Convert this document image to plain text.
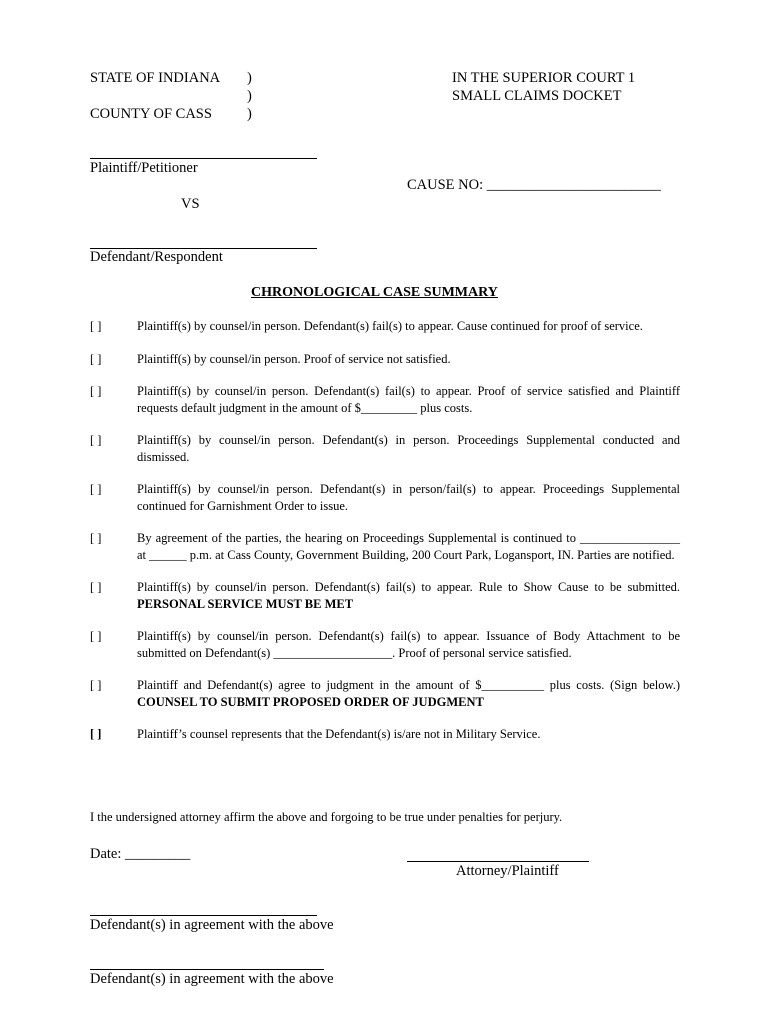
STATE OF INDIANA )
)
COUNTY OF CASS )
IN THE SUPERIOR COURT 1
SMALL CLAIMS DOCKET
Plaintiff/Petitioner
CAUSE NO: ________________________
VS
Defendant/Respondent
CHRONOLOGICAL CASE SUMMARY
[ ]	Plaintiff(s) by counsel/in person. Defendant(s) fail(s) to appear. Cause continued for proof of service.
[ ]	Plaintiff(s) by counsel/in person. Proof of service not satisfied.
[ ]	Plaintiff(s) by counsel/in person. Defendant(s) fail(s) to appear. Proof of service satisfied and Plaintiff requests default judgment in the amount of $_________ plus costs.
[ ]	Plaintiff(s) by counsel/in person. Defendant(s) in person. Proceedings Supplemental conducted and dismissed.
[ ]	Plaintiff(s) by counsel/in person. Defendant(s) in person/fail(s) to appear. Proceedings Supplemental continued for Garnishment Order to issue.
[ ]	By agreement of the parties, the hearing on Proceedings Supplemental is continued to ________________ at ______ p.m. at Cass County, Government Building, 200 Court Park, Logansport, IN. Parties are notified.
[ ]	Plaintiff(s) by counsel/in person. Defendant(s) fail(s) to appear. Rule to Show Cause to be submitted. PERSONAL SERVICE MUST BE MET
[ ]	Plaintiff(s) by counsel/in person. Defendant(s) fail(s) to appear. Issuance of Body Attachment to be submitted on Defendant(s) ___________________. Proof of personal service satisfied.
[ ]	Plaintiff and Defendant(s) agree to judgment in the amount of $__________ plus costs. (Sign below.) COUNSEL TO SUBMIT PROPOSED ORDER OF JUDGMENT
[ ]	Plaintiff’s counsel represents that the Defendant(s) is/are not in Military Service.
I the undersigned attorney affirm the above and forgoing to be true under penalties for perjury.
Date: _________
Attorney/Plaintiff
Defendant(s) in agreement with the above
Defendant(s) in agreement with the above
